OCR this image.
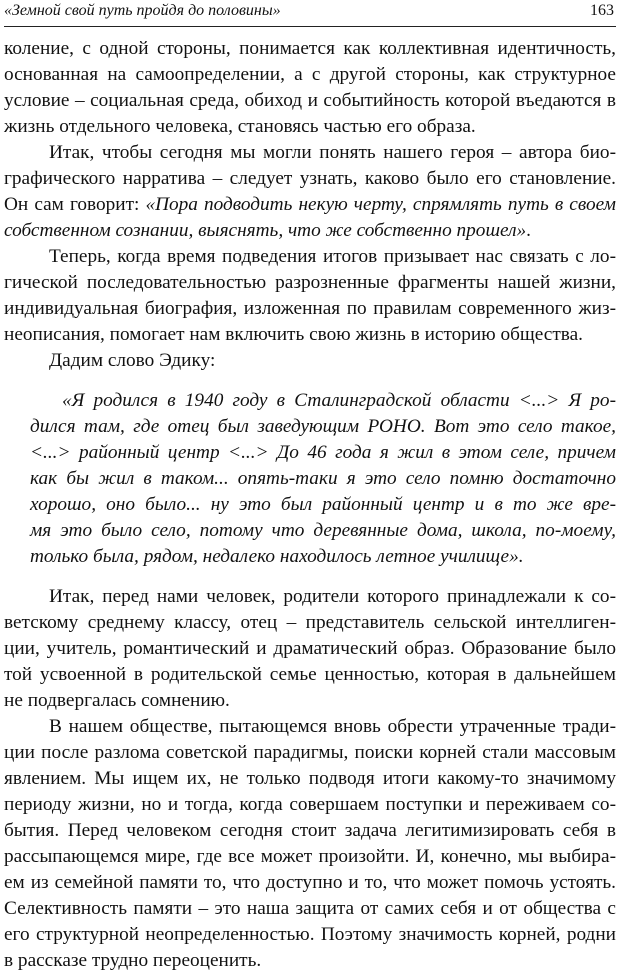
«Земной свой путь пройдя до половины»	163
коление, с одной стороны, понимается как коллективная идентичность,
основанная на самоопределении, а с другой стороны, как структурное
условие – социальная среда, обиход и событийность которой въедаются в
жизнь отдельного человека, становясь частью его образа.
Итак, чтобы сегодня мы могли понять нашего героя – автора био-
графического нарратива – следует узнать, каково было его становление.
Он сам говорит: «Пора подводить некую черту, спрямлять путь в своем
собственном сознании, выяснять, что же собственно прошел».
Теперь, когда время подведения итогов призывает нас связать с ло-
гической последовательностью разрозненные фрагменты нашей жизни,
индивидуальная биография, изложенная по правилам современного жиз-
неописания, помогает нам включить свою жизнь в историю общества.
Дадим слово Эдику:
«Я родился в 1940 году в Сталинградской области <...> Я ро-
дился там, где отец был заведующим РОНО. Вот это село такое,
<...> районный центр <...> До 46 года я жил в этом селе, причем
как бы жил в таком... опять-таки я это село помню достаточно
хорошо, оно было... ну это был районный центр и в то же вре-
мя это было село, потому что деревянные дома, школа, по-моему,
только была, рядом, недалеко находилось летное училище».
Итак, перед нами человек, родители которого принадлежали к со-
ветскому среднему классу, отец – представитель сельской интеллиген-
ции, учитель, романтический и драматический образ. Образование было
той усвоенной в родительской семье ценностью, которая в дальнейшем
не подвергалась сомнению.
В нашем обществе, пытающемся вновь обрести утраченные тради-
ции после разлома советской парадигмы, поиски корней стали массовым
явлением. Мы ищем их, не только подводя итоги какому-то значимому
периоду жизни, но и тогда, когда совершаем поступки и переживаем со-
бытия. Перед человеком сегодня стоит задача легитимизировать себя в
рассыпающемся мире, где все может произойти. И, конечно, мы выбира-
ем из семейной памяти то, что доступно и то, что может помочь устоять.
Селективность памяти – это наша защита от самих себя и от общества с
его структурной неопределенностью. Поэтому значимость корней, родни
в рассказе трудно переоценить.
